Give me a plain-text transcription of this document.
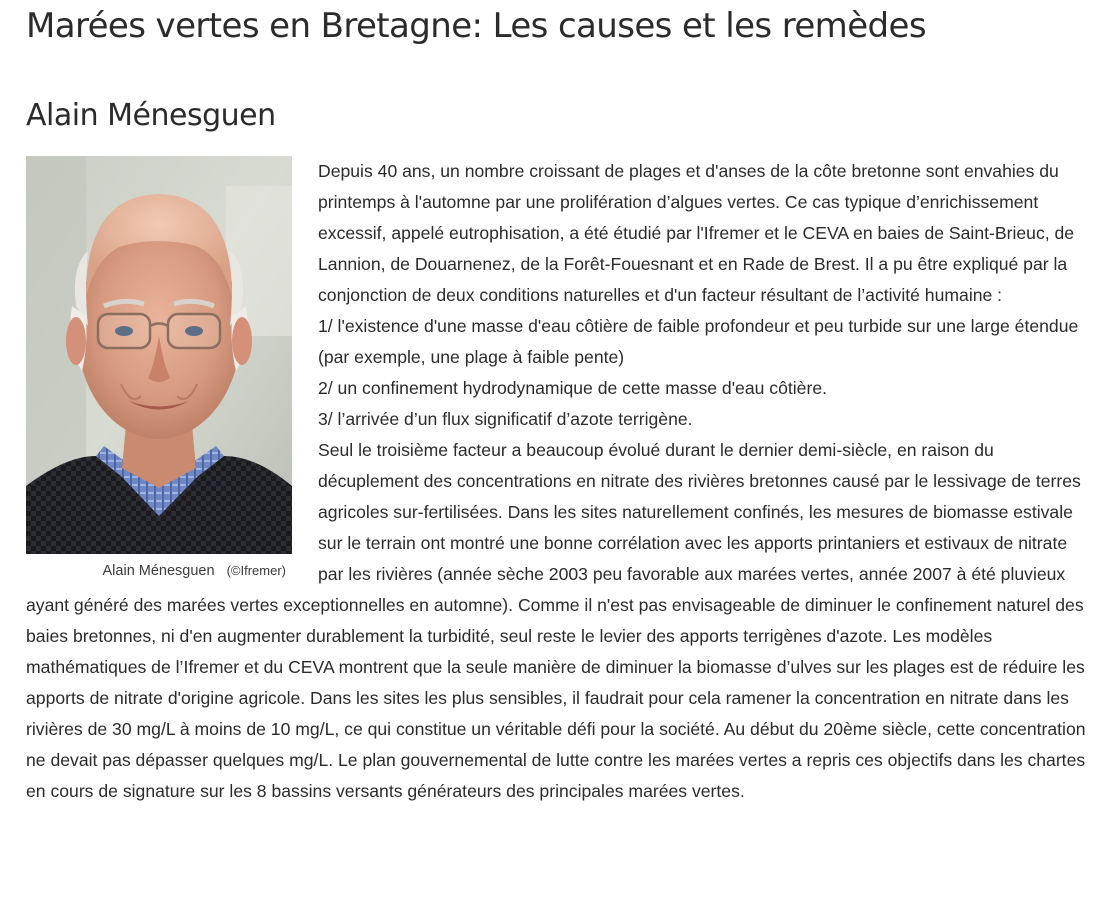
Marées vertes en Bretagne: Les causes et les remèdes
Alain Ménesguen
Alain Ménesguen (©Ifremer)

Depuis 40 ans, un nombre croissant de plages et d'anses de la côte bretonne sont envahies du printemps à l'automne par une prolifération d’algues vertes. Ce cas typique d’enrichissement excessif, appelé eutrophisation, a été étudié par l'Ifremer et le CEVA en baies de Saint-Brieuc, de Lannion, de Douarnenez, de la Forêt-Fouesnant et en Rade de Brest. Il a pu être expliqué par la conjonction de deux conditions naturelles et d'un facteur résultant de l’activité humaine :
1/ l'existence d'une masse d'eau côtière de faible profondeur et peu turbide sur une large étendue (par exemple, une plage à faible pente)
2/ un confinement hydrodynamique de cette masse d'eau côtière.
3/ l’arrivée d’un flux significatif d’azote terrigène.
Seul le troisième facteur a beaucoup évolué durant le dernier demi-siècle, en raison du décuplement des concentrations en nitrate des rivières bretonnes causé par le lessivage de terres agricoles sur-fertilisées. Dans les sites naturellement confinés, les mesures de biomasse estivale sur le terrain ont montré une bonne corrélation avec les apports printaniers et estivaux de nitrate par les rivières (année sèche 2003 peu favorable aux marées vertes, année 2007 à été pluvieux ayant généré des marées vertes exceptionnelles en automne). Comme il n'est pas envisageable de diminuer le confinement naturel des baies bretonnes, ni d'en augmenter durablement la turbidité, seul reste le levier des apports terrigènes d'azote. Les modèles mathématiques de l’Ifremer et du CEVA montrent que la seule manière de diminuer la biomasse d’ulves sur les plages est de réduire les apports de nitrate d'origine agricole. Dans les sites les plus sensibles, il faudrait pour cela ramener la concentration en nitrate dans les rivières de 30 mg/L à moins de 10 mg/L, ce qui constitue un véritable défi pour la société. Au début du 20ème siècle, cette concentration ne devait pas dépasser quelques mg/L. Le plan gouvernemental de lutte contre les marées vertes a repris ces objectifs dans les chartes en cours de signature sur les 8 bassins versants générateurs des principales marées vertes.
